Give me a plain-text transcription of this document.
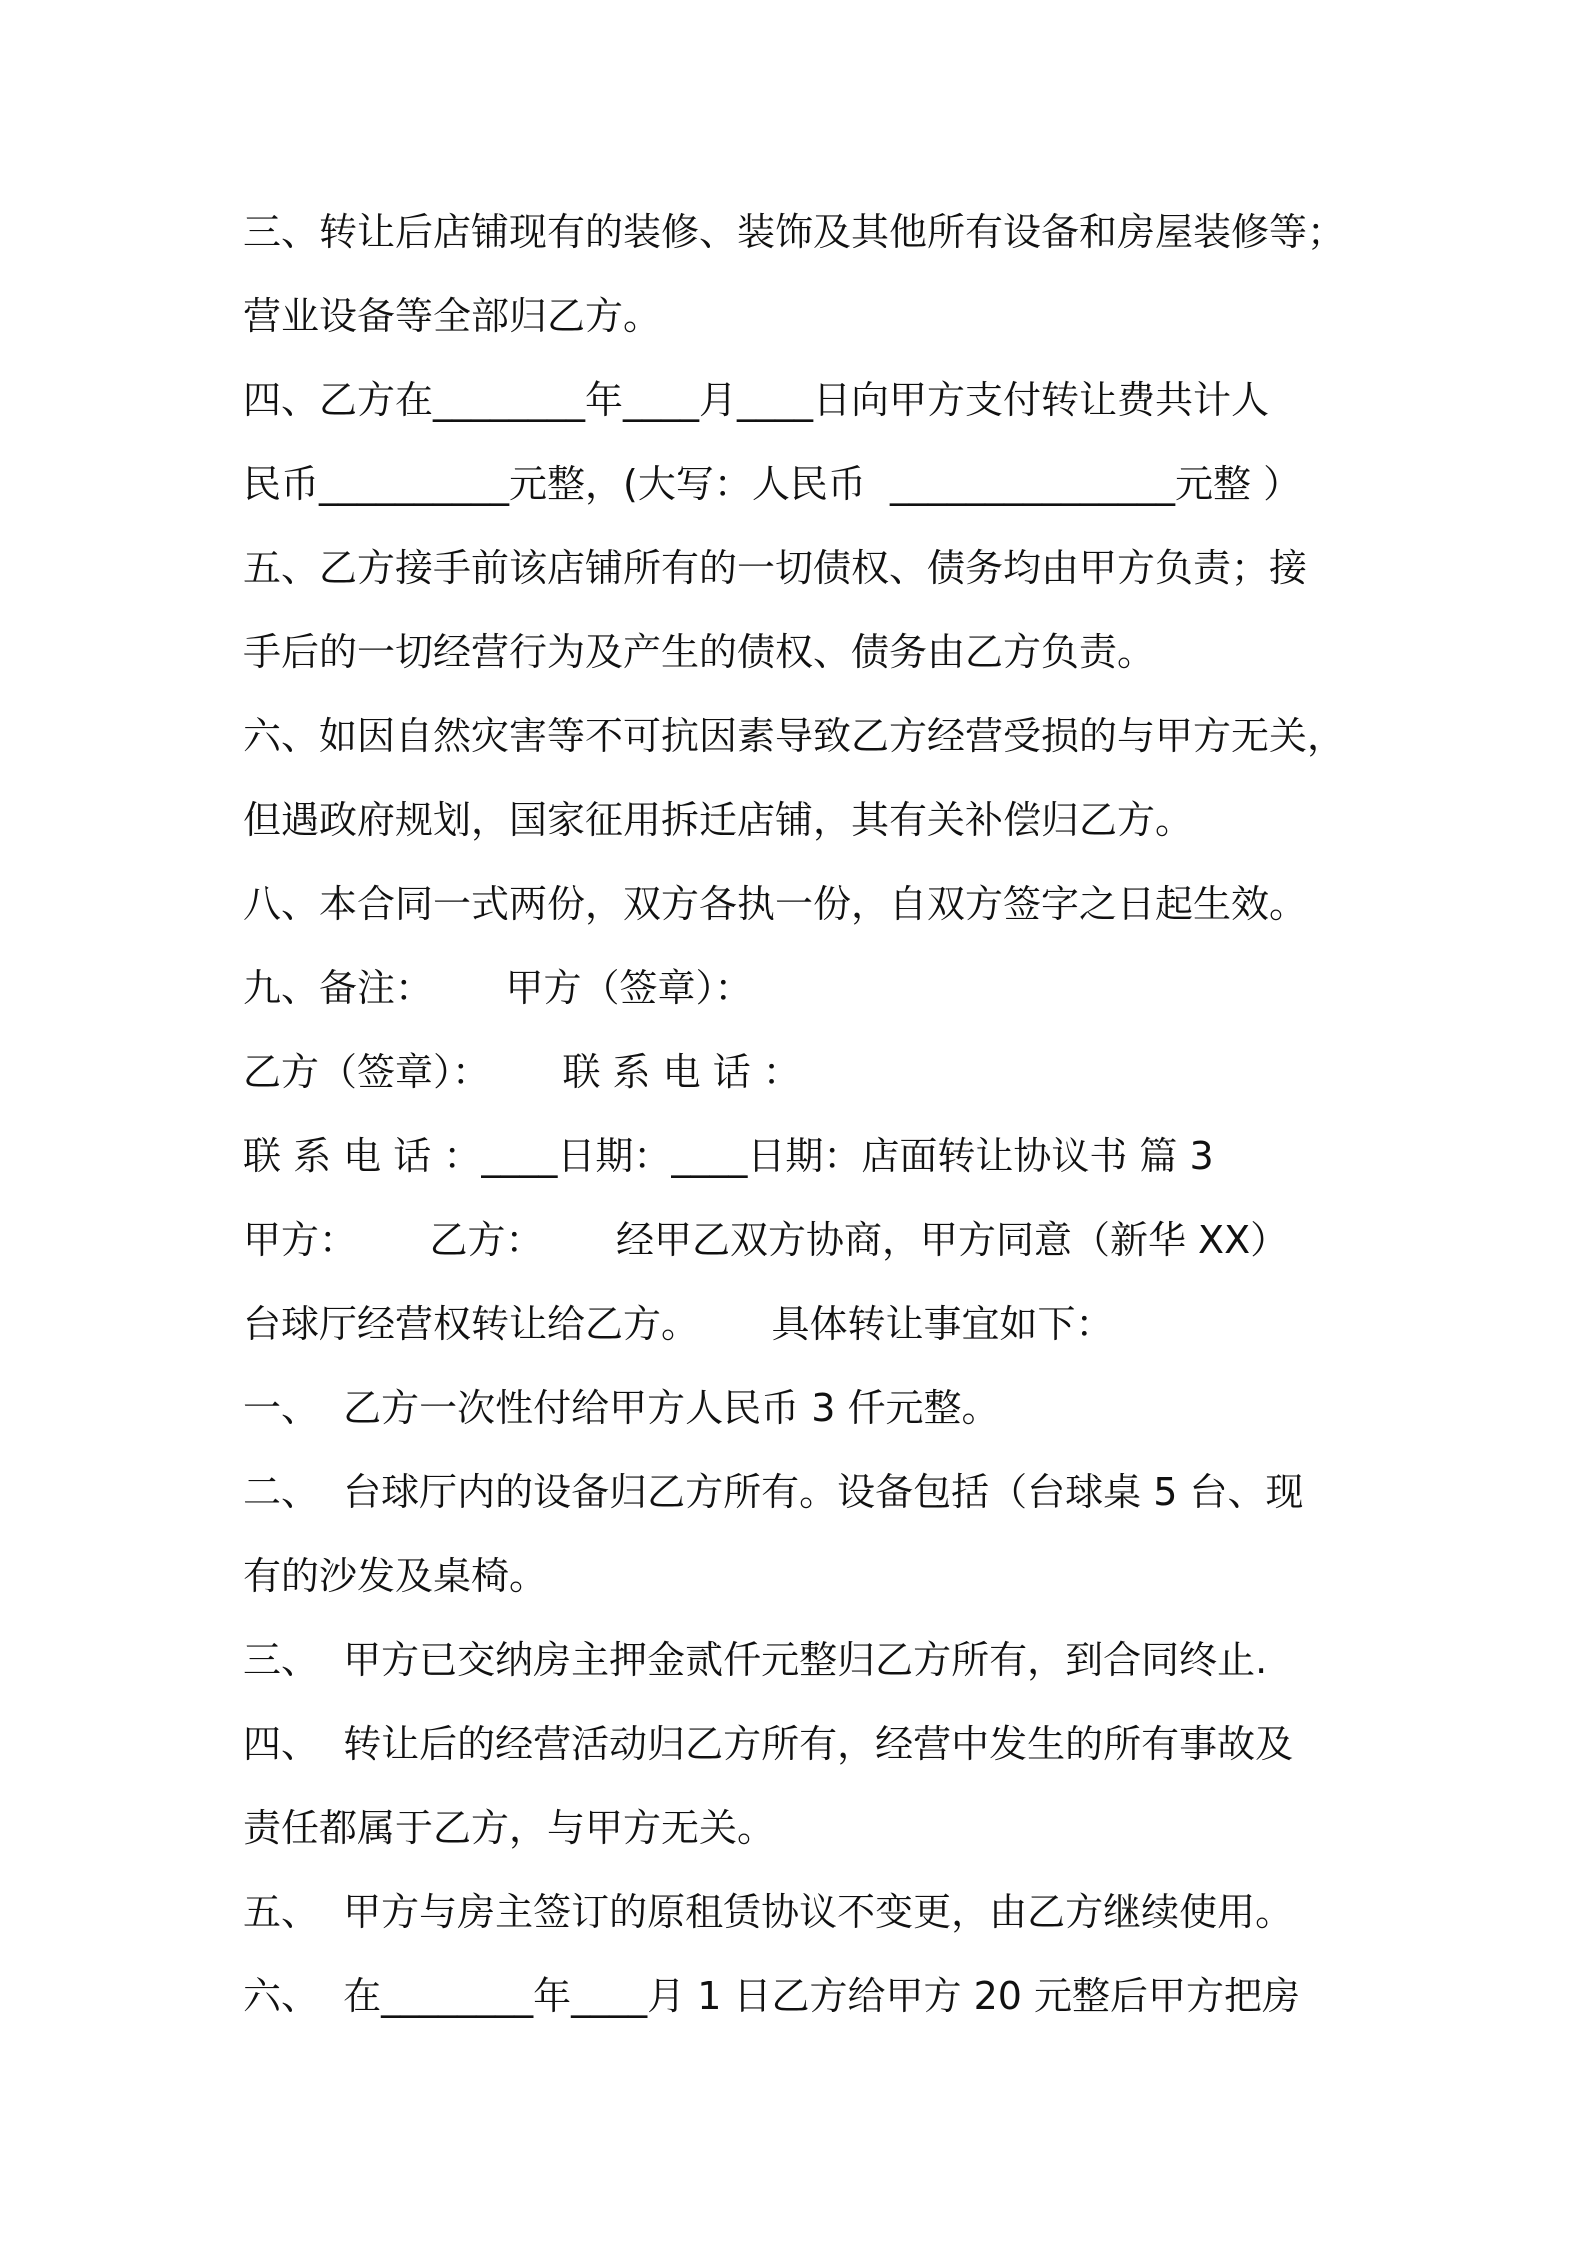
三、转让后店铺现有的装修、装饰及其他所有设备和房屋装修等；
营业设备等全部归乙方。
四、乙方在________年____月____日向甲方支付转让费共计人
民币__________元整，(大写：人民币  _______________元整 ）
五、乙方接手前该店铺所有的一切债权、债务均由甲方负责；接
手后的一切经营行为及产生的债权、债务由乙方负责。
六、如因自然灾害等不可抗因素导致乙方经营受损的与甲方无关，
但遇政府规划，国家征用拆迁店铺，其有关补偿归乙方。
八、本合同一式两份，双方各执一份，自双方签字之日起生效。
九、备注：      甲方（签章）：
乙方（签章）：      联 系 电 话 ：
联 系 电 话 ：____日期：____日期：店面转让协议书 篇 3
甲方：      乙方：      经甲乙双方协商，甲方同意（新华 XX）
台球厅经营权转让给乙方。      具体转让事宜如下：
一、  乙方一次性付给甲方人民币 3 仟元整。
二、  台球厅内的设备归乙方所有。设备包括（台球桌 5 台、现
有的沙发及桌椅。
三、  甲方已交纳房主押金贰仟元整归乙方所有，到合同终止.
四、  转让后的经营活动归乙方所有，经营中发生的所有事故及
责任都属于乙方，与甲方无关。
五、  甲方与房主签订的原租赁协议不变更，由乙方继续使用。
六、  在________年____月 1 日乙方给甲方 20 元整后甲方把房
